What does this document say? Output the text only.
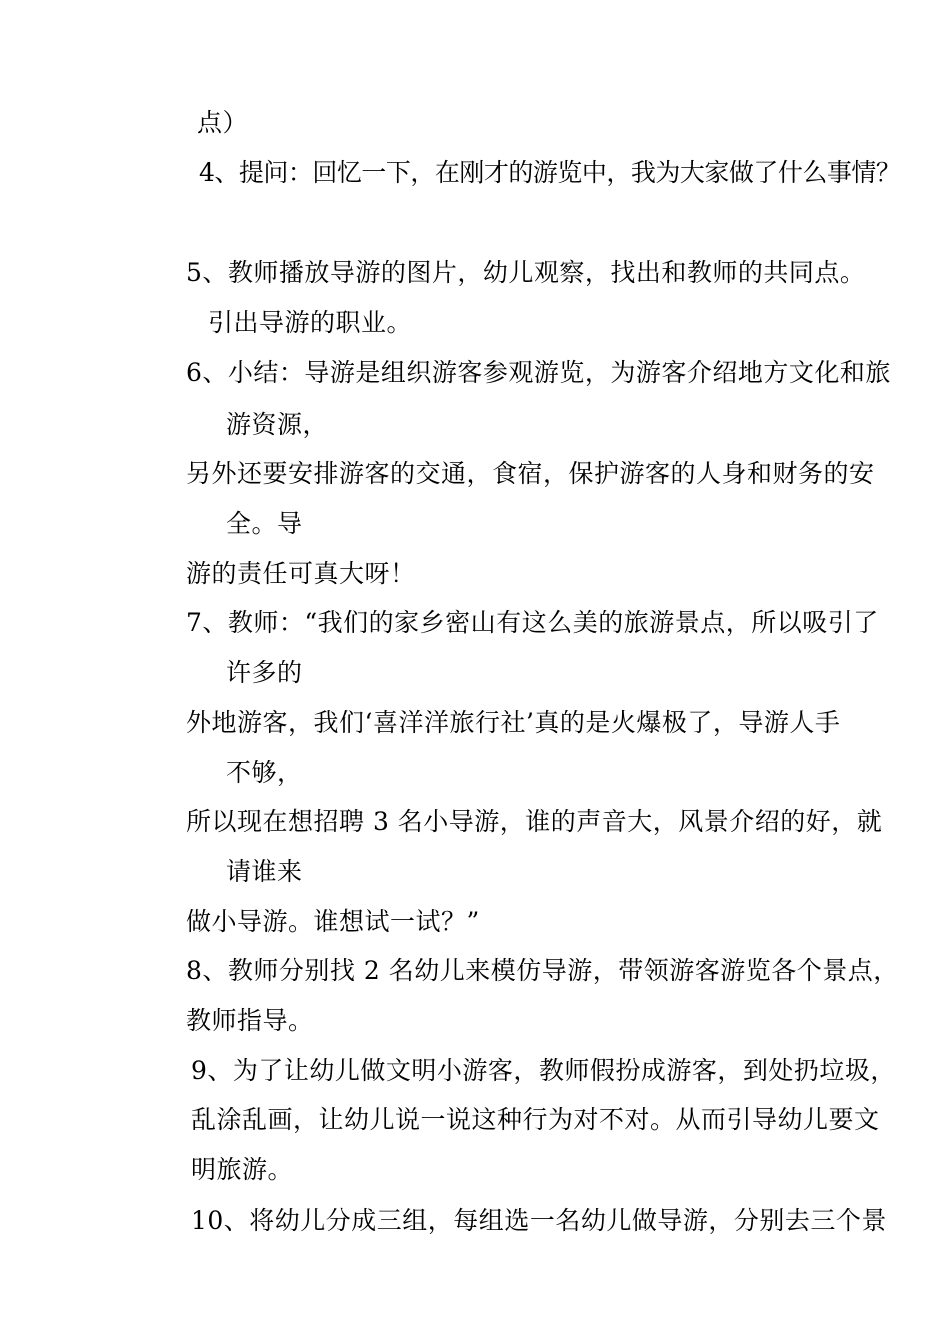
点）
4、提问：回忆一下，在刚才的游览中，我为大家做了什么事情？
5、教师播放导游的图片，幼儿观察，找出和教师的共同点。
引出导游的职业。
6、小结：导游是组织游客参观游览，为游客介绍地方文化和旅
游资源，
另外还要安排游客的交通，食宿，保护游客的人身和财务的安
全。导
游的责任可真大呀！
7、教师：“我们的家乡密山有这么美的旅游景点，所以吸引了
许多的
外地游客，我们‘喜洋洋旅行社’真的是火爆极了，导游人手
不够，
所以现在想招聘 3 名小导游，谁的声音大，风景介绍的好，就
请谁来
做小导游。谁想试一试？”
8、教师分别找 2 名幼儿来模仿导游，带领游客游览各个景点，
教师指导。
9、为了让幼儿做文明小游客，教师假扮成游客，到处扔垃圾，
乱涂乱画，让幼儿说一说这种行为对不对。从而引导幼儿要文
明旅游。
10、将幼儿分成三组，每组选一名幼儿做导游，分别去三个景
